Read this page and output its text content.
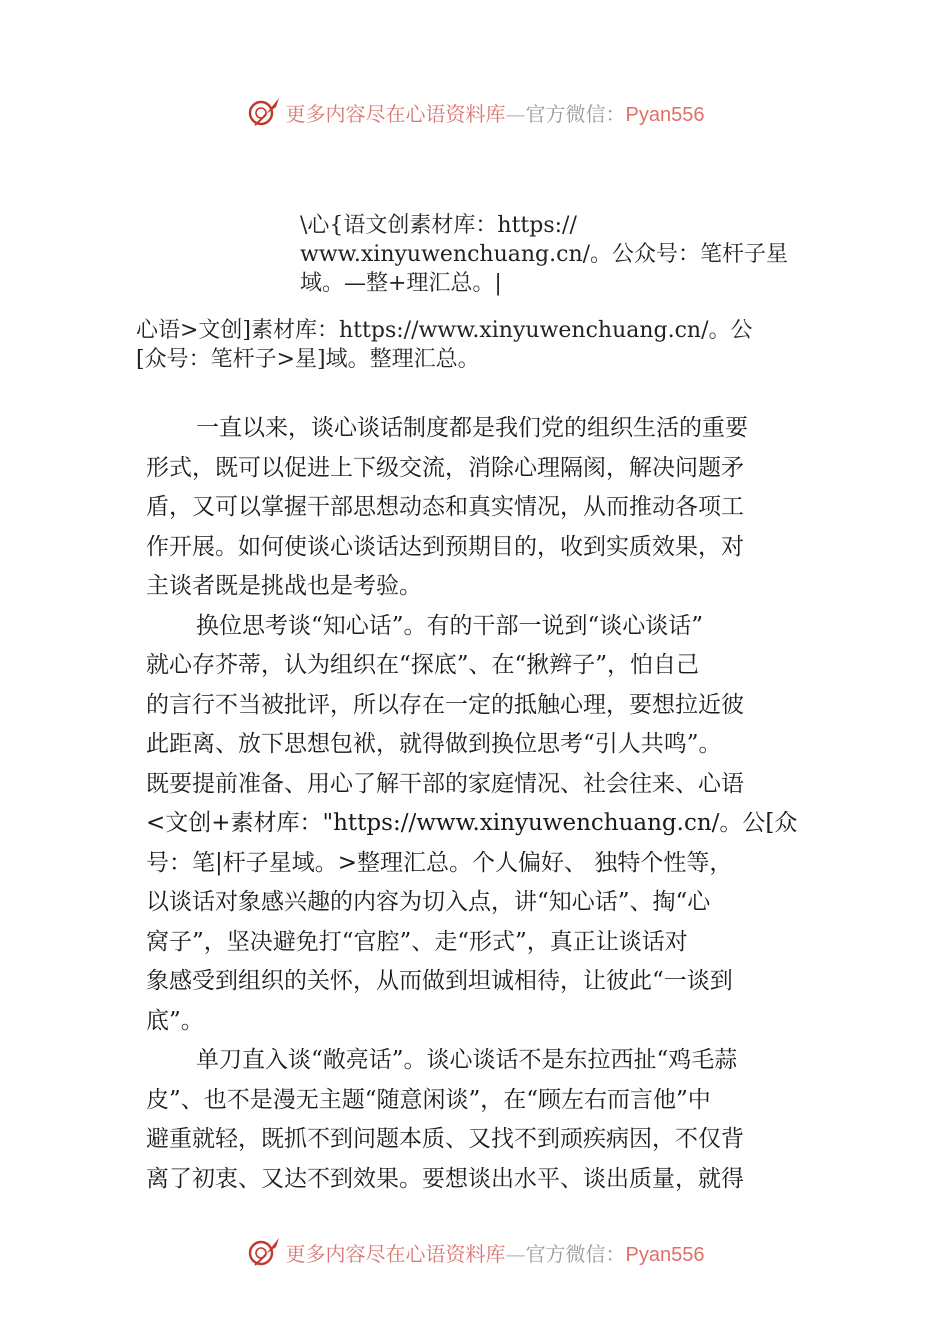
更多内容尽在心语资料库—官方微信：Pyan556
\心{语文创素材库：https://
www.xinyuwenchuang.cn/。公众号：笔杆子星
域。—整+理汇总。|
心语>文创]素材库：https://www.xinyuwenchuang.cn/。公
[众号：笔杆子>星]域。整理汇总。
一直以来，谈心谈话制度都是我们党的组织生活的重要
形式，既可以促进上下级交流，消除心理隔阂，解决问题矛
盾，又可以掌握干部思想动态和真实情况，从而推动各项工
作开展。如何使谈心谈话达到预期目的，收到实质效果，对
主谈者既是挑战也是考验。
换位思考谈“知心话”。有的干部一说到“谈心谈话”
就心存芥蒂，认为组织在“探底”、在“揪辫子”，怕自己
的言行不当被批评，所以存在一定的抵触心理，要想拉近彼
此距离、放下思想包袱，就得做到换位思考“引人共鸣”。
既要提前准备、用心了解干部的家庭情况、社会往来、心语
<文创+素材库："https://www.xinyuwenchuang.cn/。公[众
号：笔|杆子星域。>整理汇总。个人偏好、 独特个性等，
以谈话对象感兴趣的内容为切入点，讲“知心话”、掏“心
窝子”，坚决避免打“官腔”、走“形式”，真正让谈话对
象感受到组织的关怀，从而做到坦诚相待，让彼此“一谈到
底”。
单刀直入谈“敞亮话”。谈心谈话不是东拉西扯“鸡毛蒜
皮”、也不是漫无主题“随意闲谈”，在“顾左右而言他”中
避重就轻，既抓不到问题本质、又找不到顽疾病因，不仅背
离了初衷、又达不到效果。要想谈出水平、谈出质量，就得
更多内容尽在心语资料库—官方微信：Pyan556
